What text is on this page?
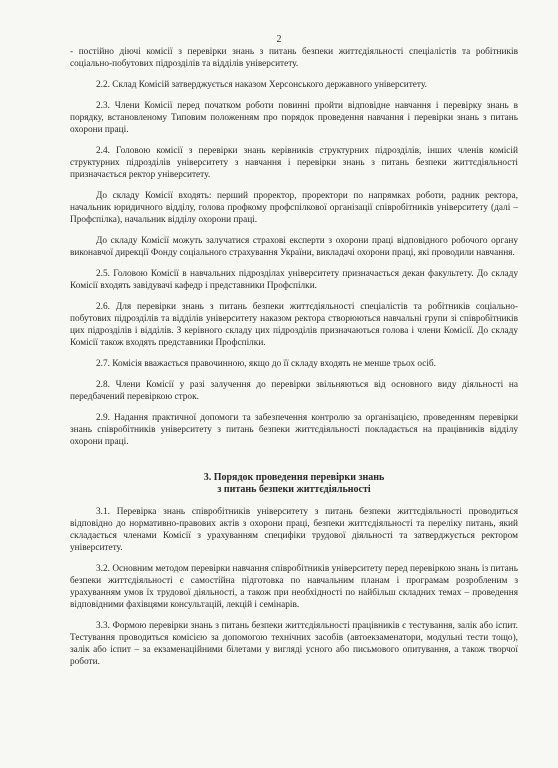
2

- постійно діючі комісії з перевірки знань з питань безпеки життєдіяльності спеціалістів та робітників соціально-побутових підрозділів та відділів університету.

2.2. Склад Комісій затверджується наказом Херсонського державного університету.

2.3. Члени Комісії перед початком роботи повинні пройти відповідне навчання і перевірку знань в порядку, встановленому Типовим положенням про порядок проведення навчання і перевірки знань з питань охорони праці.

2.4. Головою комісії з перевірки знань керівників структурних підрозділів, інших членів комісій структурних підрозділів університету з навчання і перевірки знань з питань безпеки життєдіяльності призначається ректор університету.

До складу Комісії входять: перший проректор, проректори по напрямках роботи, радник ректора, начальник юридичного відділу, голова профкому профспілкової організації співробітників університету (далі – Профспілка), начальник відділу охорони праці.

До складу Комісії можуть залучатися страхові експерти з охорони праці відповідного робочого органу виконавчої дирекції Фонду соціального страхування України, викладачі охорони праці, які проводили навчання.

2.5. Головою Комісії в навчальних підрозділах університету призначається декан факультету. До складу Комісії входять завідувачі кафедр і представники Профспілки.

2.6. Для перевірки знань з питань безпеки життєдіяльності спеціалістів та робітників соціально-побутових підрозділів та відділів університету наказом ректора створюються навчальні групи зі співробітників цих підрозділів і відділів. З керівного складу цих підрозділів призначаються голова і члени Комісії. До складу Комісії також входять представники Профспілки.

2.7. Комісія вважається правочинною, якщо до її складу входять не менше трьох осіб.

2.8. Члени Комісії у разі залучення до перевірки звільняються від основного виду діяльності на передбачений перевіркою строк.

2.9. Надання практичної допомоги та забезпечення контролю за організацією, проведенням перевірки знань співробітників університету з питань безпеки життєдіяльності покладається на працівників відділу охорони праці.

3. Порядок проведення перевірки знань
з питань безпеки життєдіяльності

3.1. Перевірка знань співробітників університету з питань безпеки життєдіяльності проводиться відповідно до нормативно-правових актів з охорони праці, безпеки життєдіяльності та переліку питань, який складається членами Комісії з урахуванням специфіки трудової діяльності та затверджується ректором університету.

3.2. Основним методом перевірки навчання співробітників університету перед перевіркою знань із питань безпеки життєдіяльності є самостійна підготовка по навчальним планам і програмам розробленим з урахуванням умов їх трудової діяльності, а також при необхідності по найбільш складних темах – проведення відповідними фахівцями консультацій, лекцій і семінарів.

3.3. Формою перевірки знань з питань безпеки життєдіяльності працівників є тестування, залік або іспит. Тестування проводиться комісією за допомогою технічних засобів (автоекзаменатори, модульні тести тощо), залік або іспит – за екзаменаційними білетами у вигляді усного або письмового опитування, а також творчої роботи.
